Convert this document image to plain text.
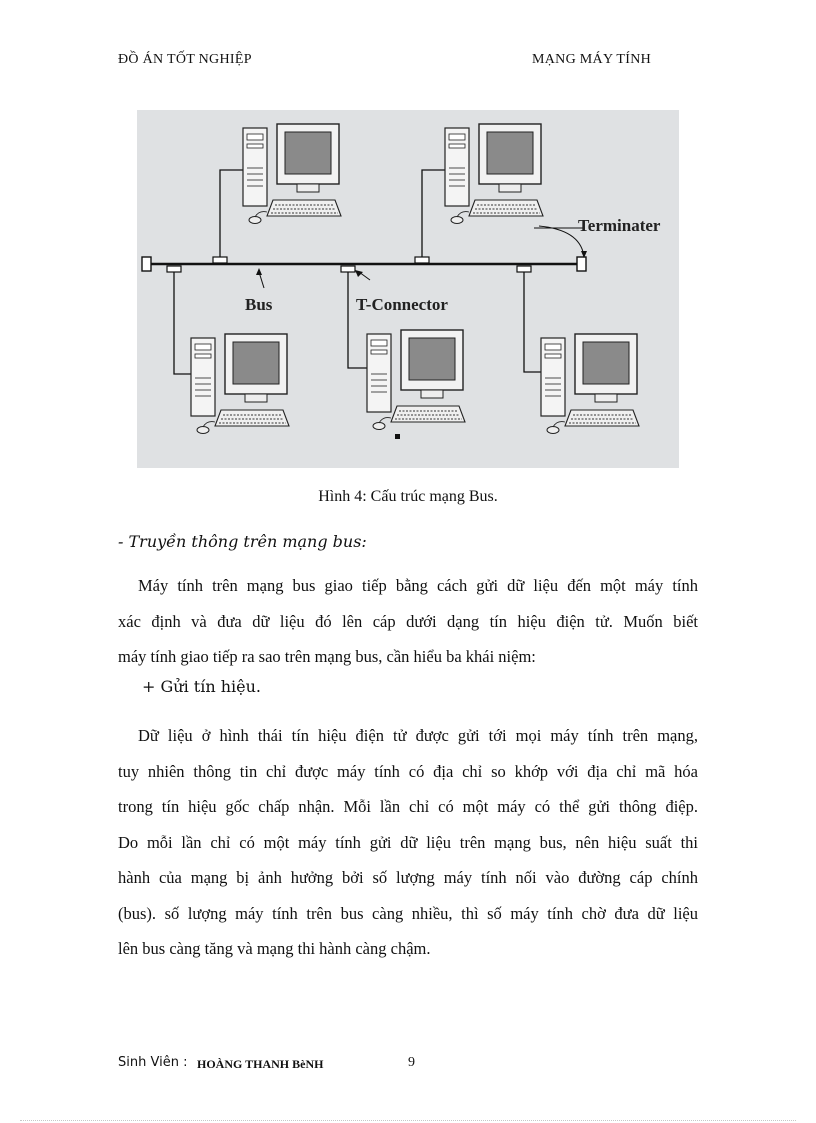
ĐỒ ÁN TỐT NGHIỆP	MẠNG MÁY TÍNH
Terminater
Bus	T-Connector
Hình 4: Cấu trúc mạng Bus.
- Truyền thông trên mạng bus:
Máy tính trên mạng bus giao tiếp bằng cách gửi dữ liệu đến một máy tính
xác định và đưa dữ liệu đó lên cáp dưới dạng tín hiệu điện tử. Muốn biết
máy tính giao tiếp ra sao trên mạng bus, cần hiểu ba khái niệm:
+ Gửi tín hiệu.
Dữ liệu ở hình thái tín hiệu điện tử được gửi tới mọi máy tính trên mạng,
tuy nhiên thông tin chỉ được máy tính có địa chỉ so khớp với địa chỉ mã hóa
trong tín hiệu gốc chấp nhận. Mỗi lần chỉ có một máy có thể gửi thông điệp.
Do mỗi lần chỉ có một máy tính gửi dữ liệu trên mạng bus, nên hiệu suất thi
hành của mạng bị ảnh hưởng bởi số lượng máy tính nối vào đường cáp chính
(bus). số lượng máy tính trên bus càng nhiều, thì số máy tính chờ đưa dữ liệu
lên bus càng tăng và mạng thi hành càng chậm.
Sinh Viên : HOÀNG THANH BèNH	9
